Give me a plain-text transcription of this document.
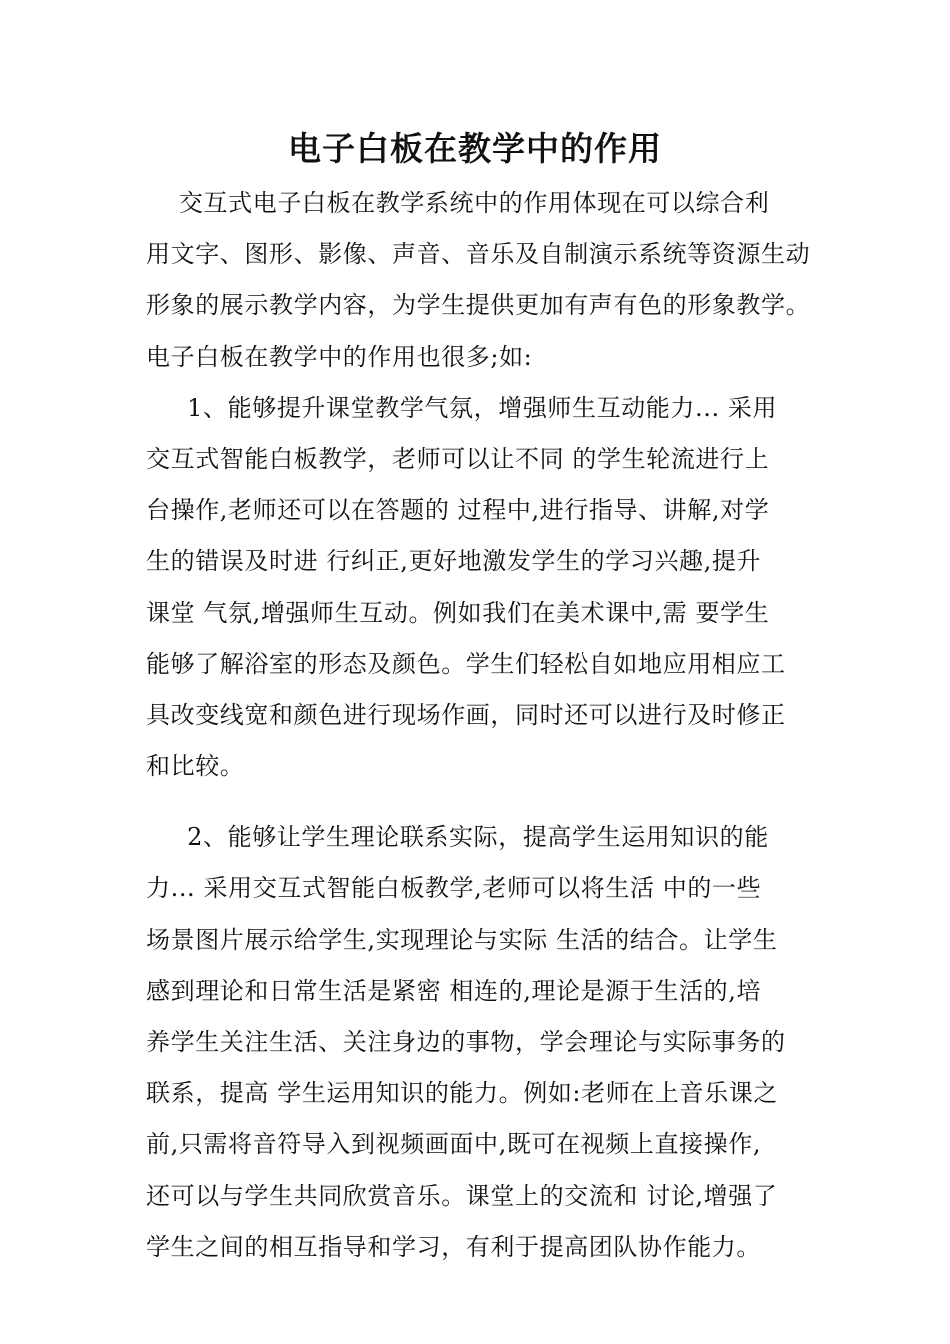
电子白板在教学中的作用
交互式电子白板在教学系统中的作用体现在可以综合利
用文字、图形、影像、声音、音乐及自制演示系统等资源生动
形象的展示教学内容，为学生提供更加有声有色的形象教学。
电子白板在教学中的作用也很多;如:
1、能够提升课堂教学气氛，增强师生互动能力... 采用
交互式智能白板教学，老师可以让不同 的学生轮流进行上
台操作,老师还可以在答题的 过程中,进行指导、讲解,对学
生的错误及时进 行纠正,更好地激发学生的学习兴趣,提升
课堂 气氛,增强师生互动。例如我们在美术课中,需 要学生
能够了解浴室的形态及颜色。学生们轻松自如地应用相应工
具改变线宽和颜色进行现场作画，同时还可以进行及时修正
和比较。
2、能够让学生理论联系实际，提高学生运用知识的能
力... 采用交互式智能白板教学,老师可以将生活 中的一些
场景图片展示给学生,实现理论与实际 生活的结合。让学生
感到理论和日常生活是紧密 相连的,理论是源于生活的,培
养学生关注生活、关注身边的事物，学会理论与实际事务的
联系，提高 学生运用知识的能力。例如:老师在上音乐课之
前,只需将音符导入到视频画面中,既可在视频上直接操作,
还可以与学生共同欣赏音乐。课堂上的交流和 讨论,增强了
学生之间的相互指导和学习，有利于提高团队协作能力。
